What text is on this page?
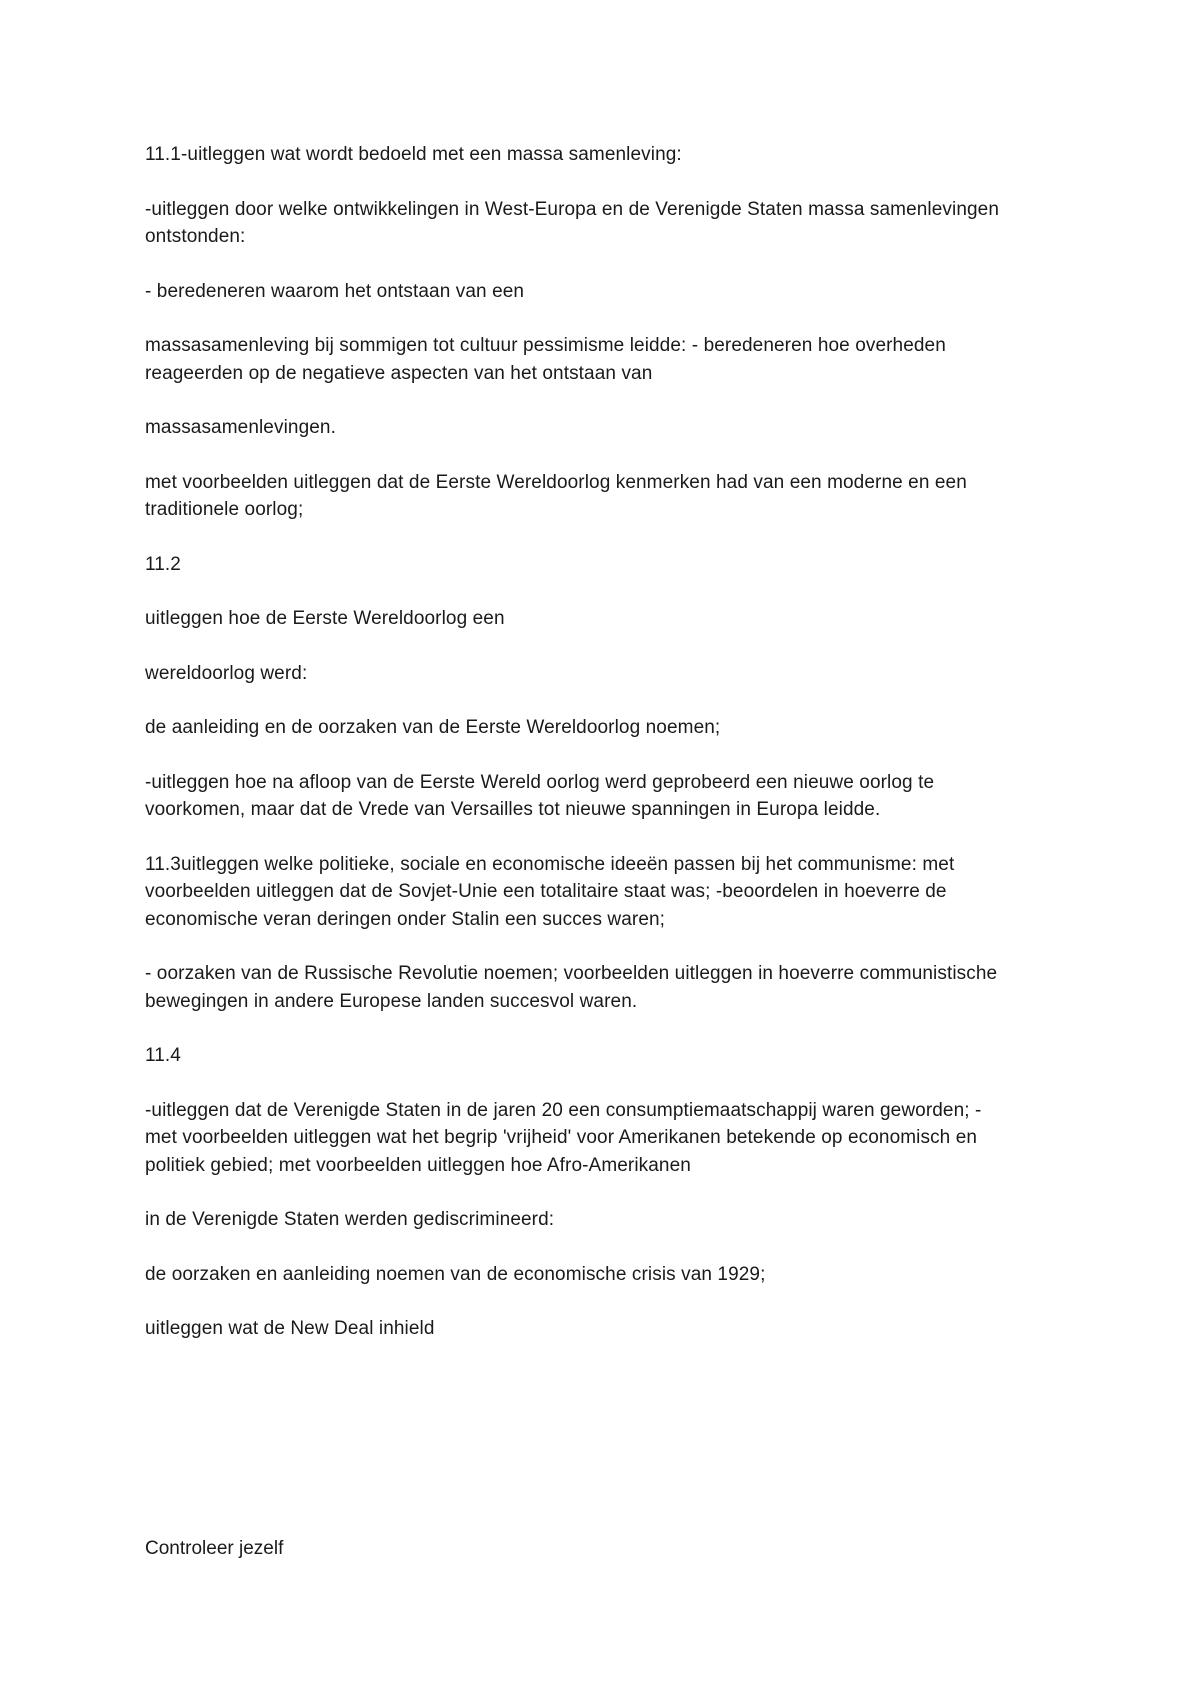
11.1-uitleggen wat wordt bedoeld met een massa samenleving:

-uitleggen door welke ontwikkelingen in West-Europa en de Verenigde Staten massa samenlevingen
ontstonden:

- beredeneren waarom het ontstaan van een

massasamenleving bij sommigen tot cultuur pessimisme leidde: - beredeneren hoe overheden
reageerden op de negatieve aspecten van het ontstaan van

massasamenlevingen.

met voorbeelden uitleggen dat de Eerste Wereldoorlog kenmerken had van een moderne en een
traditionele oorlog;

11.2

uitleggen hoe de Eerste Wereldoorlog een

wereldoorlog werd:

de aanleiding en de oorzaken van de Eerste Wereldoorlog noemen;

-uitleggen hoe na afloop van de Eerste Wereld oorlog werd geprobeerd een nieuwe oorlog te
voorkomen, maar dat de Vrede van Versailles tot nieuwe spanningen in Europa leidde.

11.3uitleggen welke politieke, sociale en economische ideeën passen bij het communisme: met
voorbeelden uitleggen dat de Sovjet-Unie een totalitaire staat was; -beoordelen in hoeverre de
economische veran deringen onder Stalin een succes waren;

- oorzaken van de Russische Revolutie noemen; voorbeelden uitleggen in hoeverre communistische
bewegingen in andere Europese landen succesvol waren.

11.4

-uitleggen dat de Verenigde Staten in de jaren 20 een consumptiemaatschappij waren geworden; -
met voorbeelden uitleggen wat het begrip 'vrijheid' voor Amerikanen betekende op economisch en
politiek gebied; met voorbeelden uitleggen hoe Afro-Amerikanen

in de Verenigde Staten werden gediscrimineerd:

de oorzaken en aanleiding noemen van de economische crisis van 1929;

uitleggen wat de New Deal inhield

Controleer jezelf
